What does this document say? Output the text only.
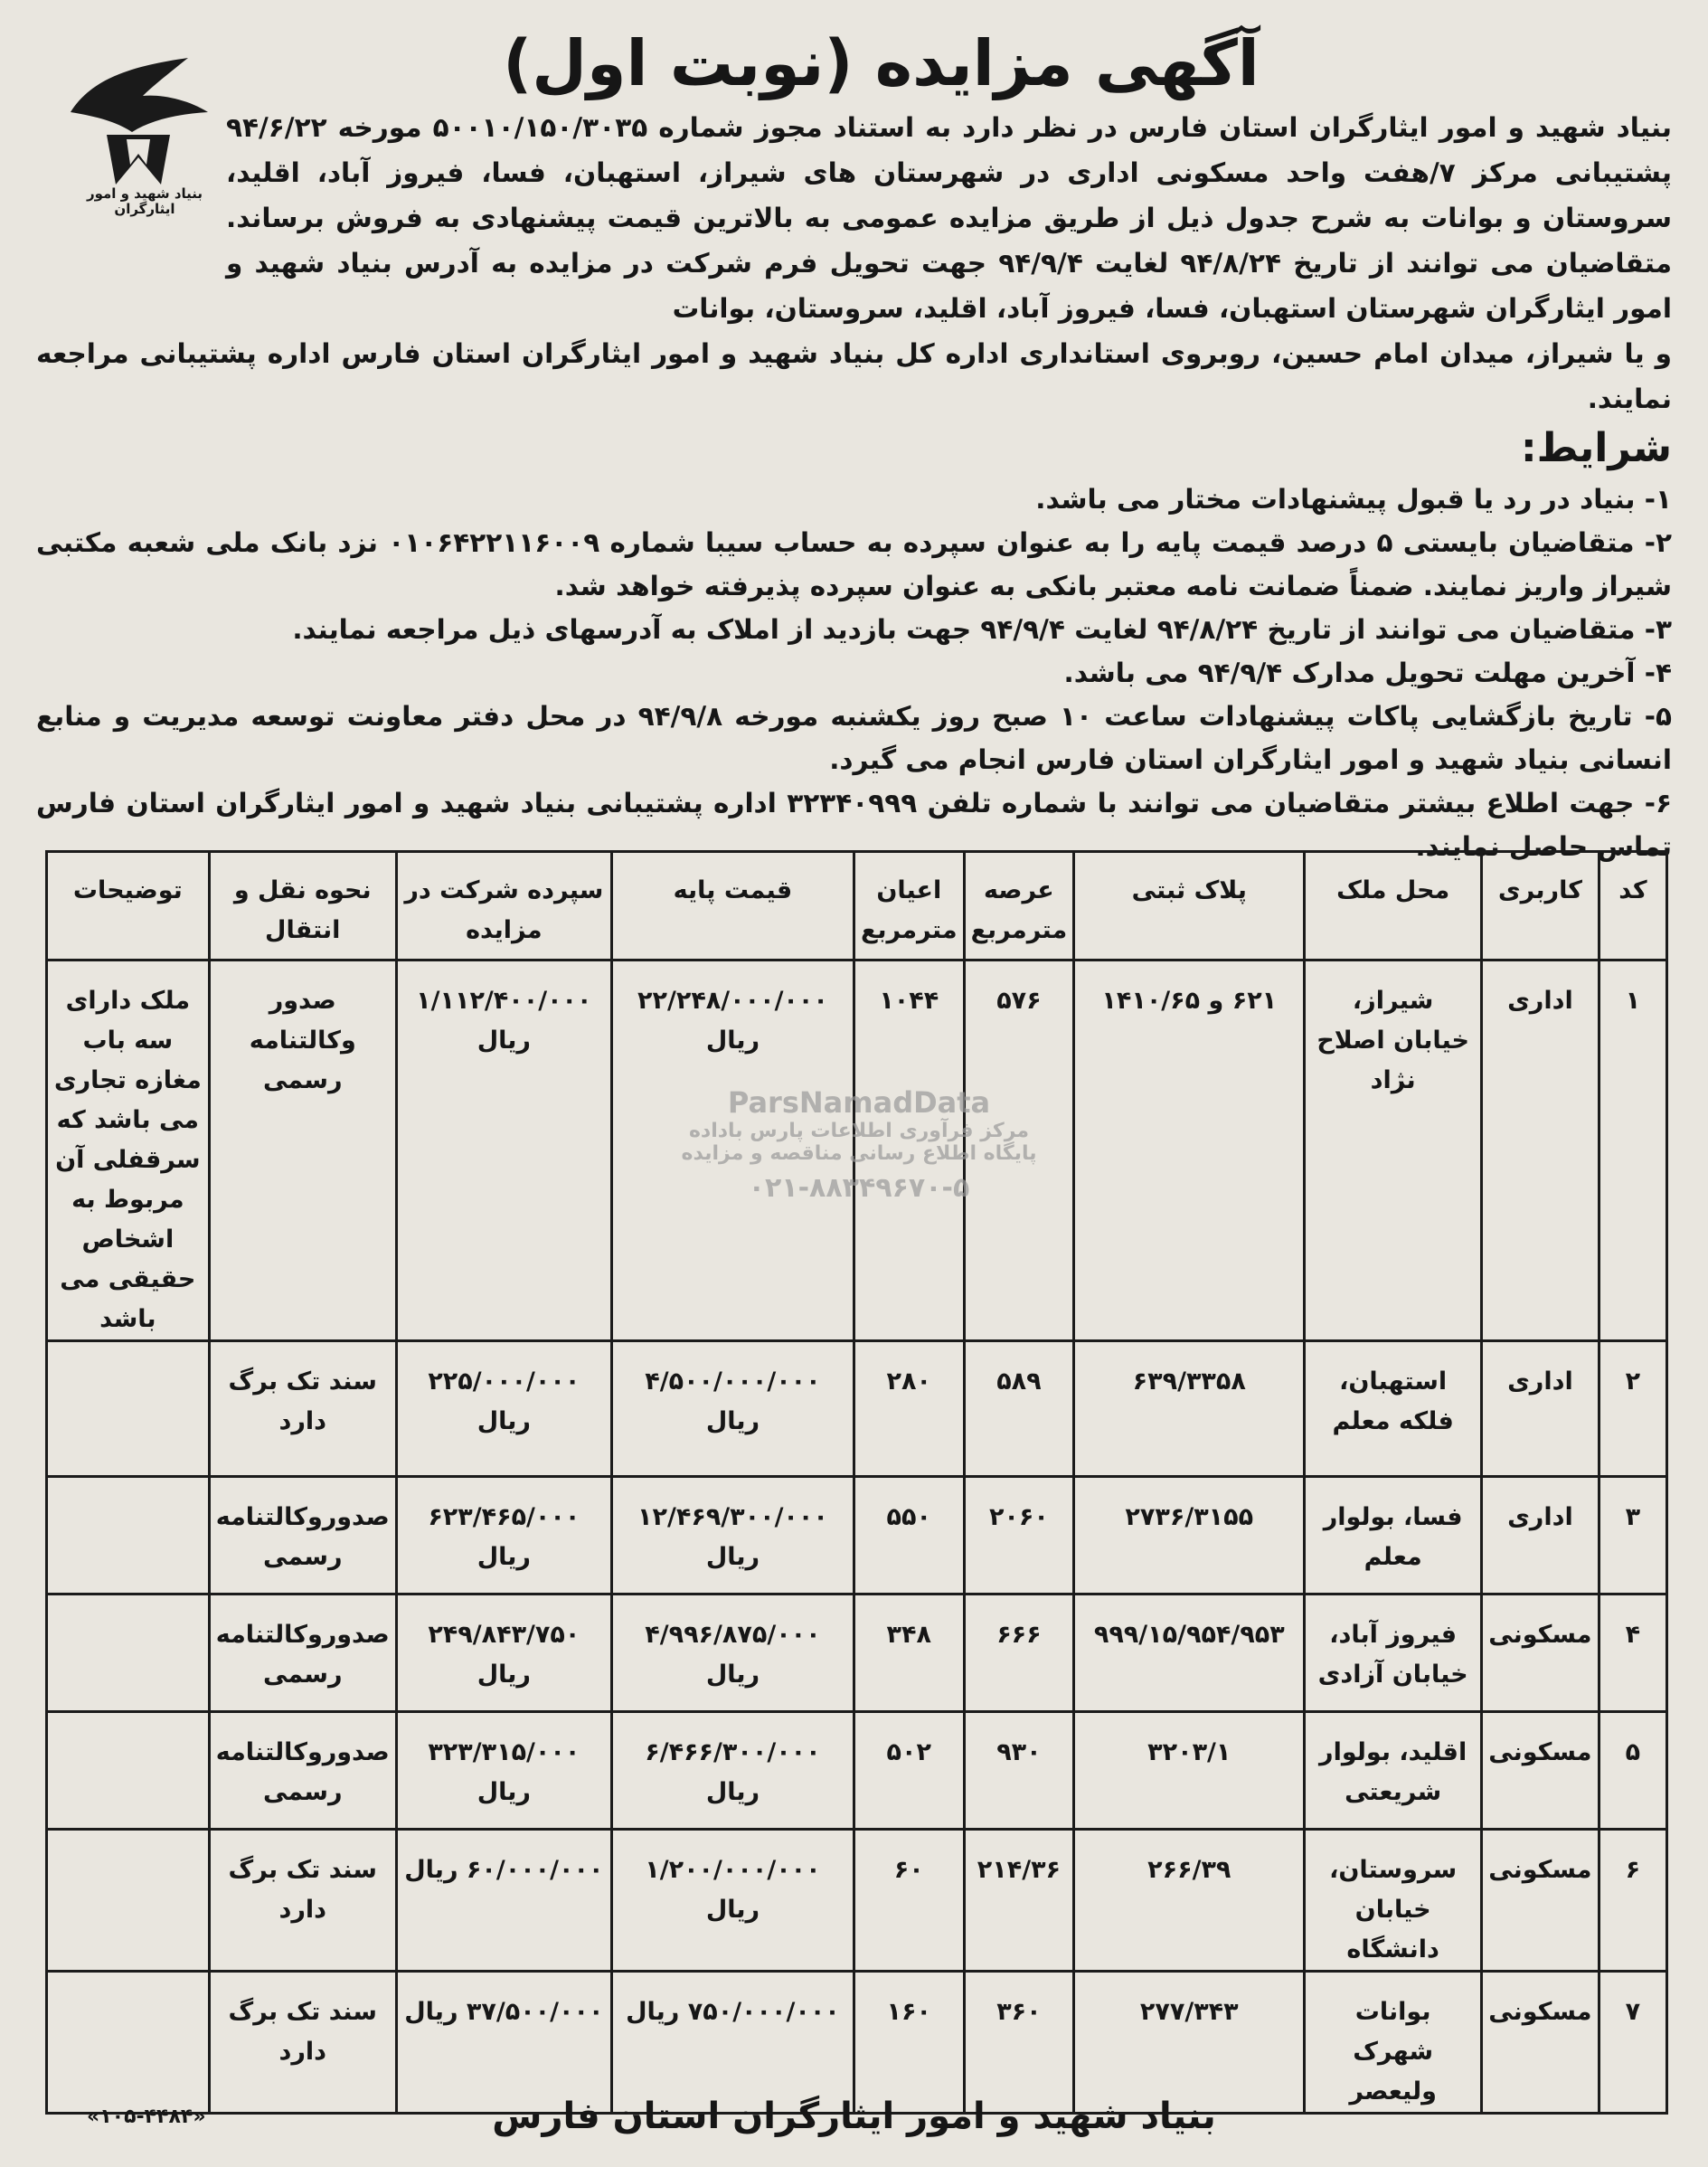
بنیاد شهید و امور ایثارگران
آگهی مزایده (نوبت اول)

بنیاد شهید و امور ایثارگران استان فارس در نظر دارد به استناد مجوز شماره ۵۰۰۱۰/۱۵۰/۳۰۳۵ مورخه ۹۴/۶/۲۲ پشتیبانی مرکز ۷/هفت واحد مسکونی اداری در شهرستان های شیراز، استهبان، فسا، فیروز آباد، اقلید، سروستان و بوانات به شرح جدول ذیل از طریق مزایده عمومی به بالاترین قیمت پیشنهادی به فروش برساند. متقاضیان می توانند از تاریخ ۹۴/۸/۲۴ لغایت ۹۴/۹/۴ جهت تحویل فرم شرکت در مزایده به آدرس بنیاد شهید و امور ایثارگران شهرستان استهبان، فسا، فیروز آباد، اقلید، سروستان، بوانات

و یا شیراز، میدان امام حسین، روبروی استانداری اداره کل بنیاد شهید و امور ایثارگران استان فارس اداره پشتیبانی مراجعه نمایند.

شرایط:

۱- بنیاد در رد یا قبول پیشنهادات مختار می باشد.

۲- متقاضیان بایستی ۵ درصد قیمت پایه را به عنوان سپرده به حساب سیبا شماره ۰۱۰۶۴۲۲۱۱۶۰۰۹ نزد بانک ملی شعبه مکتبی شیراز واریز نمایند. ضمناً ضمانت نامه معتبر بانکی به عنوان سپرده پذیرفته خواهد شد.

۳- متقاضیان می توانند از تاریخ ۹۴/۸/۲۴ لغایت ۹۴/۹/۴ جهت بازدید از املاک به آدرسهای ذیل مراجعه نمایند.

۴- آخرین مهلت تحویل مدارک ۹۴/۹/۴ می باشد.

۵- تاریخ بازگشایی پاکات پیشنهادات ساعت ۱۰ صبح روز یکشنبه مورخه ۹۴/۹/۸ در محل دفتر معاونت توسعه مدیریت و منابع انسانی بنیاد شهید و امور ایثارگران استان فارس انجام می گیرد.

۶- جهت اطلاع بیشتر متقاضیان می توانند با شماره تلفن ۳۲۳۴۰۹۹۹ اداره پشتیبانی بنیاد شهید و امور ایثارگران استان فارس تماس حاصل نمایند.

کد	کاربری	محل ملک	پلاک ثبتی	عرصه مترمربع	اعیان مترمربع	قیمت پایه	سپرده شرکت در مزایده	نحوه نقل و انتقال	توضیحات
۱	اداری	شیراز، خیابان اصلاح نژاد	۶۲۱ و ۱۴۱۰/۶۵	۵۷۶	۱۰۴۴	۲۲/۲۴۸/۰۰۰/۰۰۰ ریال	۱/۱۱۲/۴۰۰/۰۰۰ ریال	صدور وکالتنامه رسمی	ملک دارای سه باب مغازه تجاری می باشد که سرقفلی آن مربوط به اشخاص حقیقی می باشد
۲	اداری	استهبان، فلکه معلم	۶۳۹/۳۳۵۸	۵۸۹	۲۸۰	۴/۵۰۰/۰۰۰/۰۰۰ ریال	۲۲۵/۰۰۰/۰۰۰ ریال	سند تک برگ دارد	
۳	اداری	فسا، بولوار معلم	۲۷۳۶/۳۱۵۵	۲۰۶۰	۵۵۰	۱۲/۴۶۹/۳۰۰/۰۰۰ ریال	۶۲۳/۴۶۵/۰۰۰ ریال	صدوروکالتنامه رسمی	
۴	مسکونی	فیروز آباد، خیابان آزادی	۹۹۹/۱۵/۹۵۴/۹۵۳	۶۶۶	۳۴۸	۴/۹۹۶/۸۷۵/۰۰۰ ریال	۲۴۹/۸۴۳/۷۵۰ ریال	صدوروکالتنامه رسمی	
۵	مسکونی	اقلید، بولوار شریعتی	۳۲۰۳/۱	۹۳۰	۵۰۲	۶/۴۶۶/۳۰۰/۰۰۰ ریال	۳۲۳/۳۱۵/۰۰۰ ریال	صدوروکالتنامه رسمی	
۶	مسکونی	سروستان، خیابان دانشگاه	۲۶۶/۳۹	۲۱۴/۳۶	۶۰	۱/۲۰۰/۰۰۰/۰۰۰ ریال	۶۰/۰۰۰/۰۰۰ ریال	سند تک برگ دارد	
۷	مسکونی	بوانات شهرک ولیعصر	۲۷۷/۳۴۳	۳۶۰	۱۶۰	۷۵۰/۰۰۰/۰۰۰ ریال	۳۷/۵۰۰/۰۰۰ ریال	سند تک برگ دارد	
ParsNamadData
مرکز فرآوری اطلاعات پارس باداده
پایگاه اطلاع رسانی مناقصه و مزایده
۰۲۱-۸۸۳۴۹۶۷۰-۵
بنیاد شهید و امور ایثارگران استان فارس
«۱۰۵-۴۴۸۴»
